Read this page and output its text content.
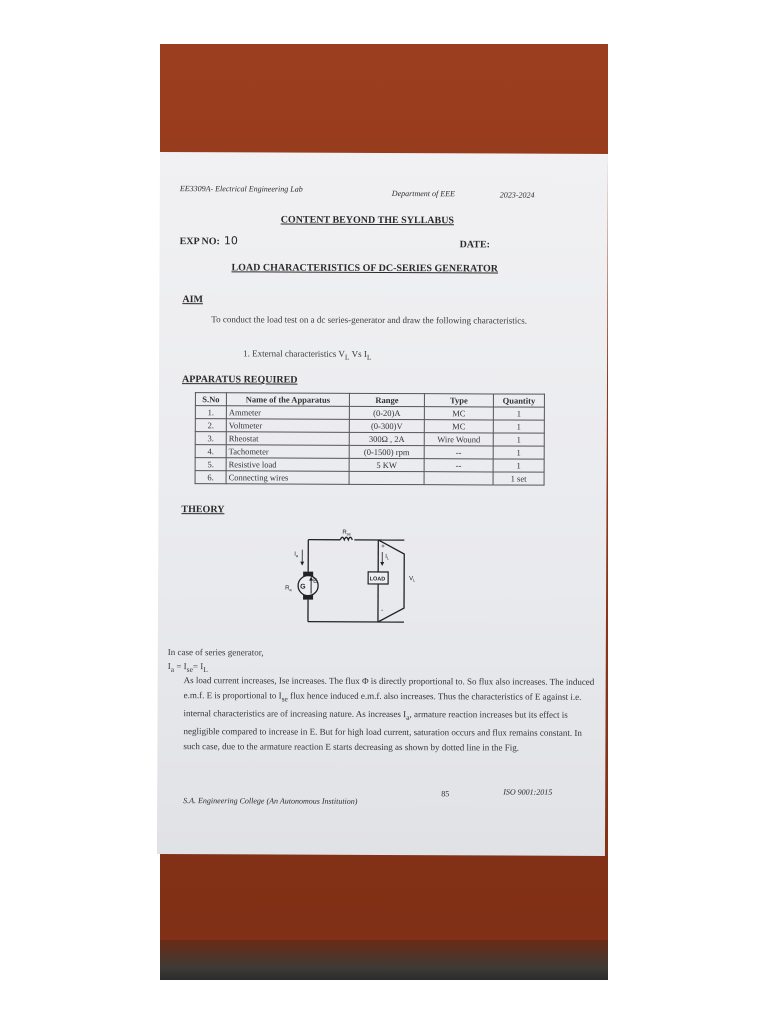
EE3309A- Electrical Engineering Lab
Department of EEE	2023-2024
CONTENT BEYOND THE SYLLABUS
EXP NO: 10	DATE:
LOAD CHARACTERISTICS OF DC-SERIES GENERATOR
AIM
To conduct the load test on a dc series-generator and draw the following characteristics.
1. External characteristics $V_L$ Vs $I_L$
APPARATUS REQUIRED
S.No	Name of the Apparatus	Range	Type	Quantity
1.	Ammeter	(0-20)A	MC	1
2.	Voltmeter	(0-300)V	MC	1
3.	Rheostat	300Ω , 2A	Wire Wound	1
4.	Tachometer	(0-1500) rpm	--	1
5.	Resistive load	5 KW	--	1
6.	Connecting wires			1 set
THEORY
$R_{se}$
$I_a$	$I_L$
$R_a$ G
E	LOAD	$V_L$
+
-
In case of series generator,
$I_a = I_{se}= I_L$
As load current increases, Ise increases. The flux Φ is directly proportional to. So flux also increases. The induced e.m.f. E is proportional to $I_{se}$ flux hence induced e.m.f. also increases. Thus the characteristics of E against i.e. internal characteristics are of increasing nature. As increases $I_a$, armature reaction increases but its effect is negligible compared to increase in E. But for high load current, saturation occurs and flux remains constant. In such case, due to the armature reaction E starts decreasing as shown by dotted line in the Fig.
S.A. Engineering College (An Autonomous Institution)
85	ISO 9001:2015
